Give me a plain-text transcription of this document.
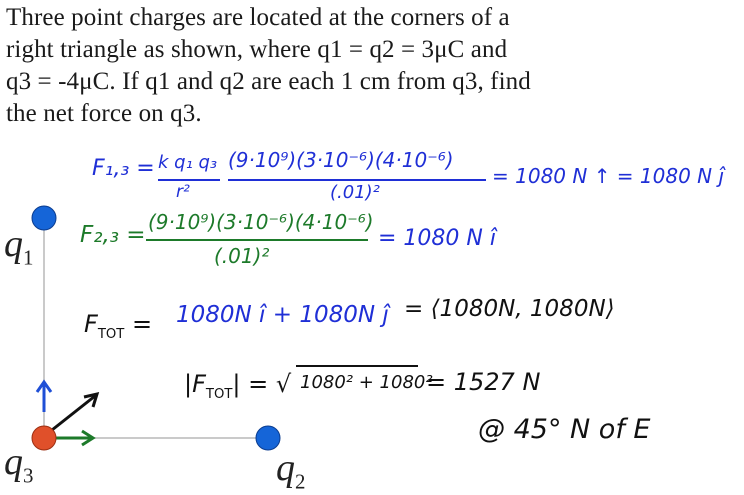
Three point charges are located at the corners of a
right triangle as shown, where q1 = q2 = 3μC and
q3 = -4μC. If q1 and q2 are each 1 cm from q3, find
the net force on q3.
$q_1$
$q_2$
$q_3$
F₁,₃ = k q₁ q₃
r²
(9·10⁹)(3·10⁻⁶)(4·10⁻⁶)
(.01)²
= 1080 N ↑ = 1080 N ĵ
F₂,₃ = (9·10⁹)(3·10⁻⁶)(4·10⁻⁶)
(.01)²
= 1080 N î
$F_{TOT} = 1080N$ î + 1080N ĵ = ⟨1080N, 1080N⟩
$|F_{TOT}|$ = √ 1080² + 1080²
= 1527 N
@ 45° N of E
